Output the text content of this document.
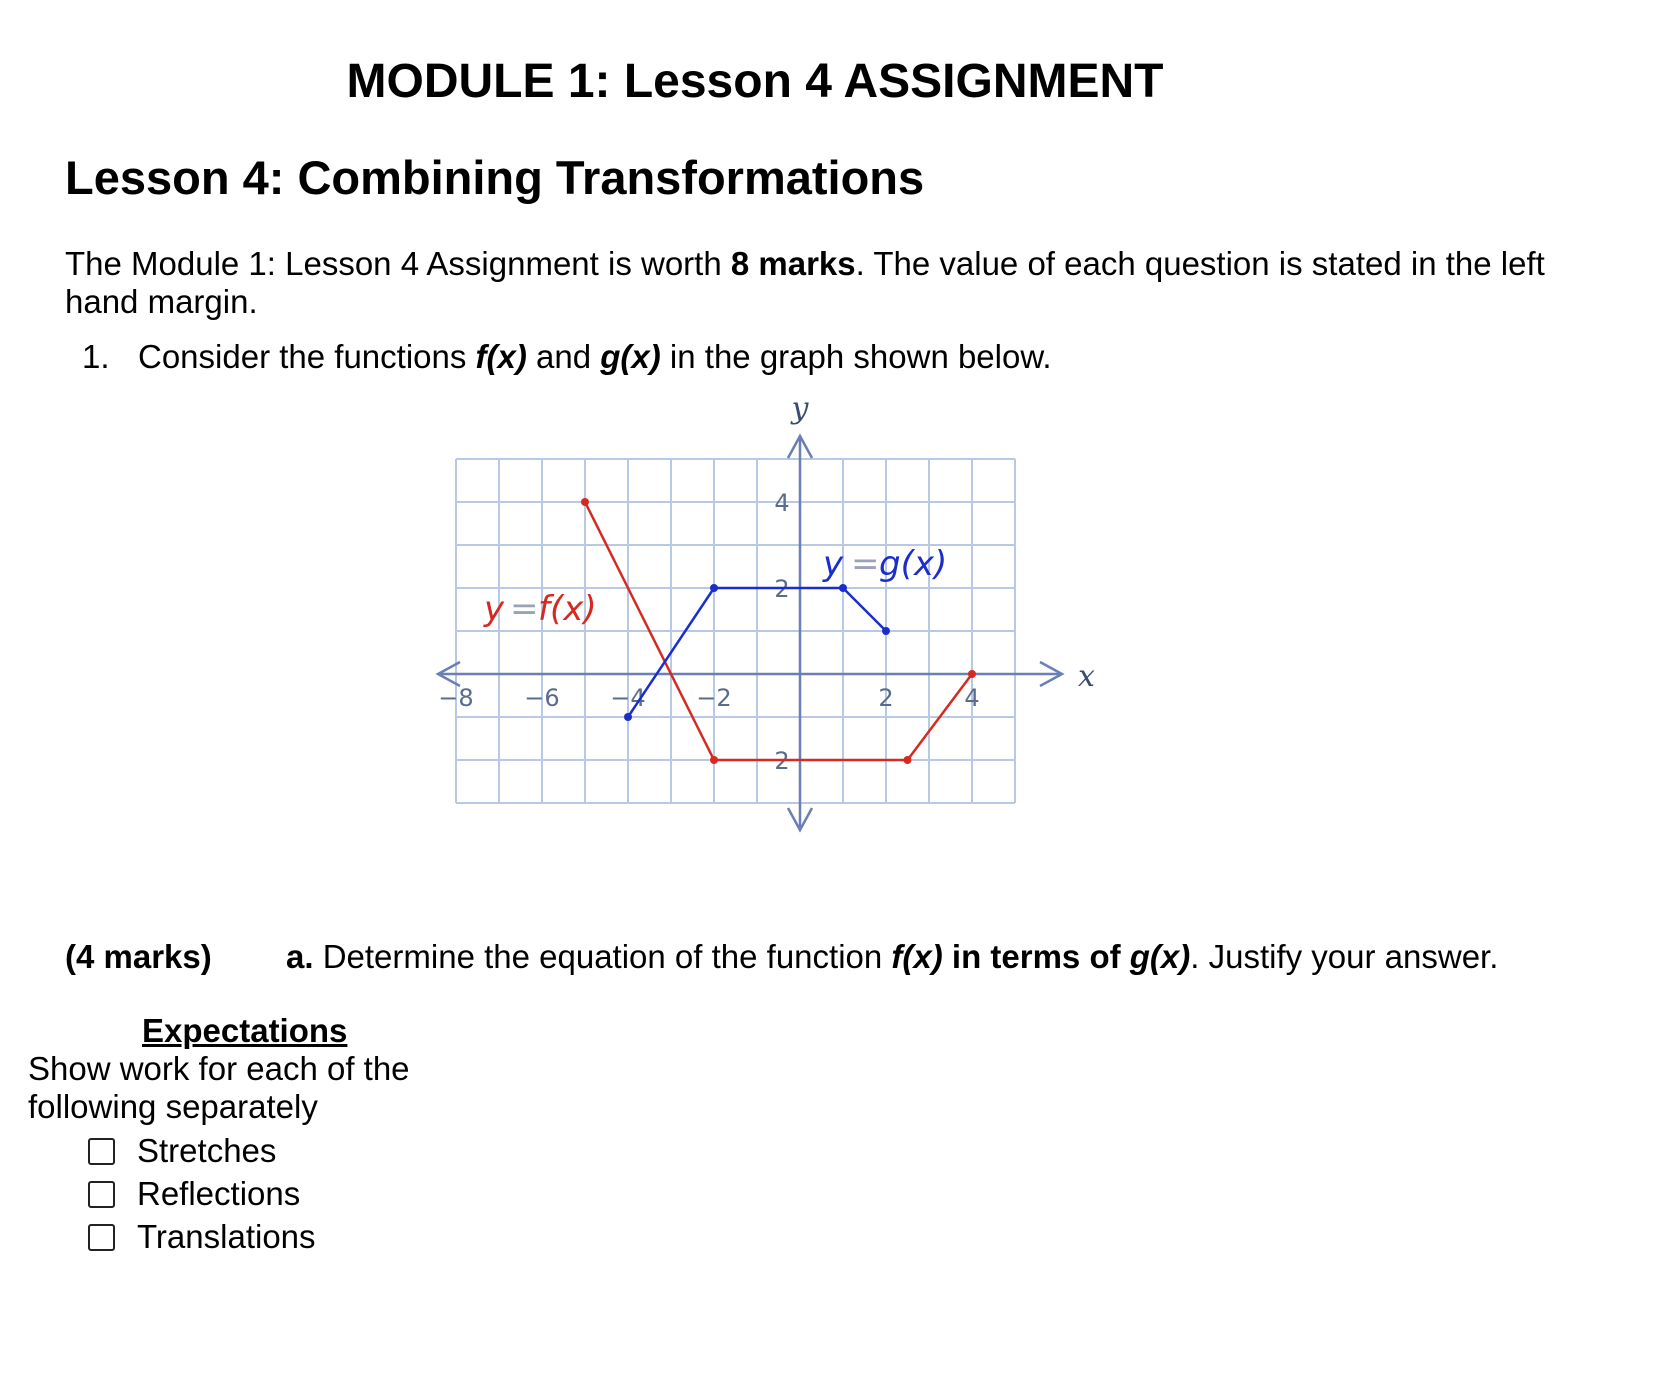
MODULE 1: Lesson 4 ASSIGNMENT
Lesson 4: Combining Transformations
The Module 1: Lesson 4 Assignment is worth 8 marks. The value of each question is stated in the left hand margin.
1. Consider the functions f(x) and g(x) in the graph shown below.
−8 −6 −4 −2	2	4
4
2
2
x
y
y = f(x)
y = g(x)
(4 marks) a. Determine the equation of the function f(x) in terms of g(x). Justify your answer.
Expectations
Show work for each of the following separately
Stretches
Reflections
Translations
